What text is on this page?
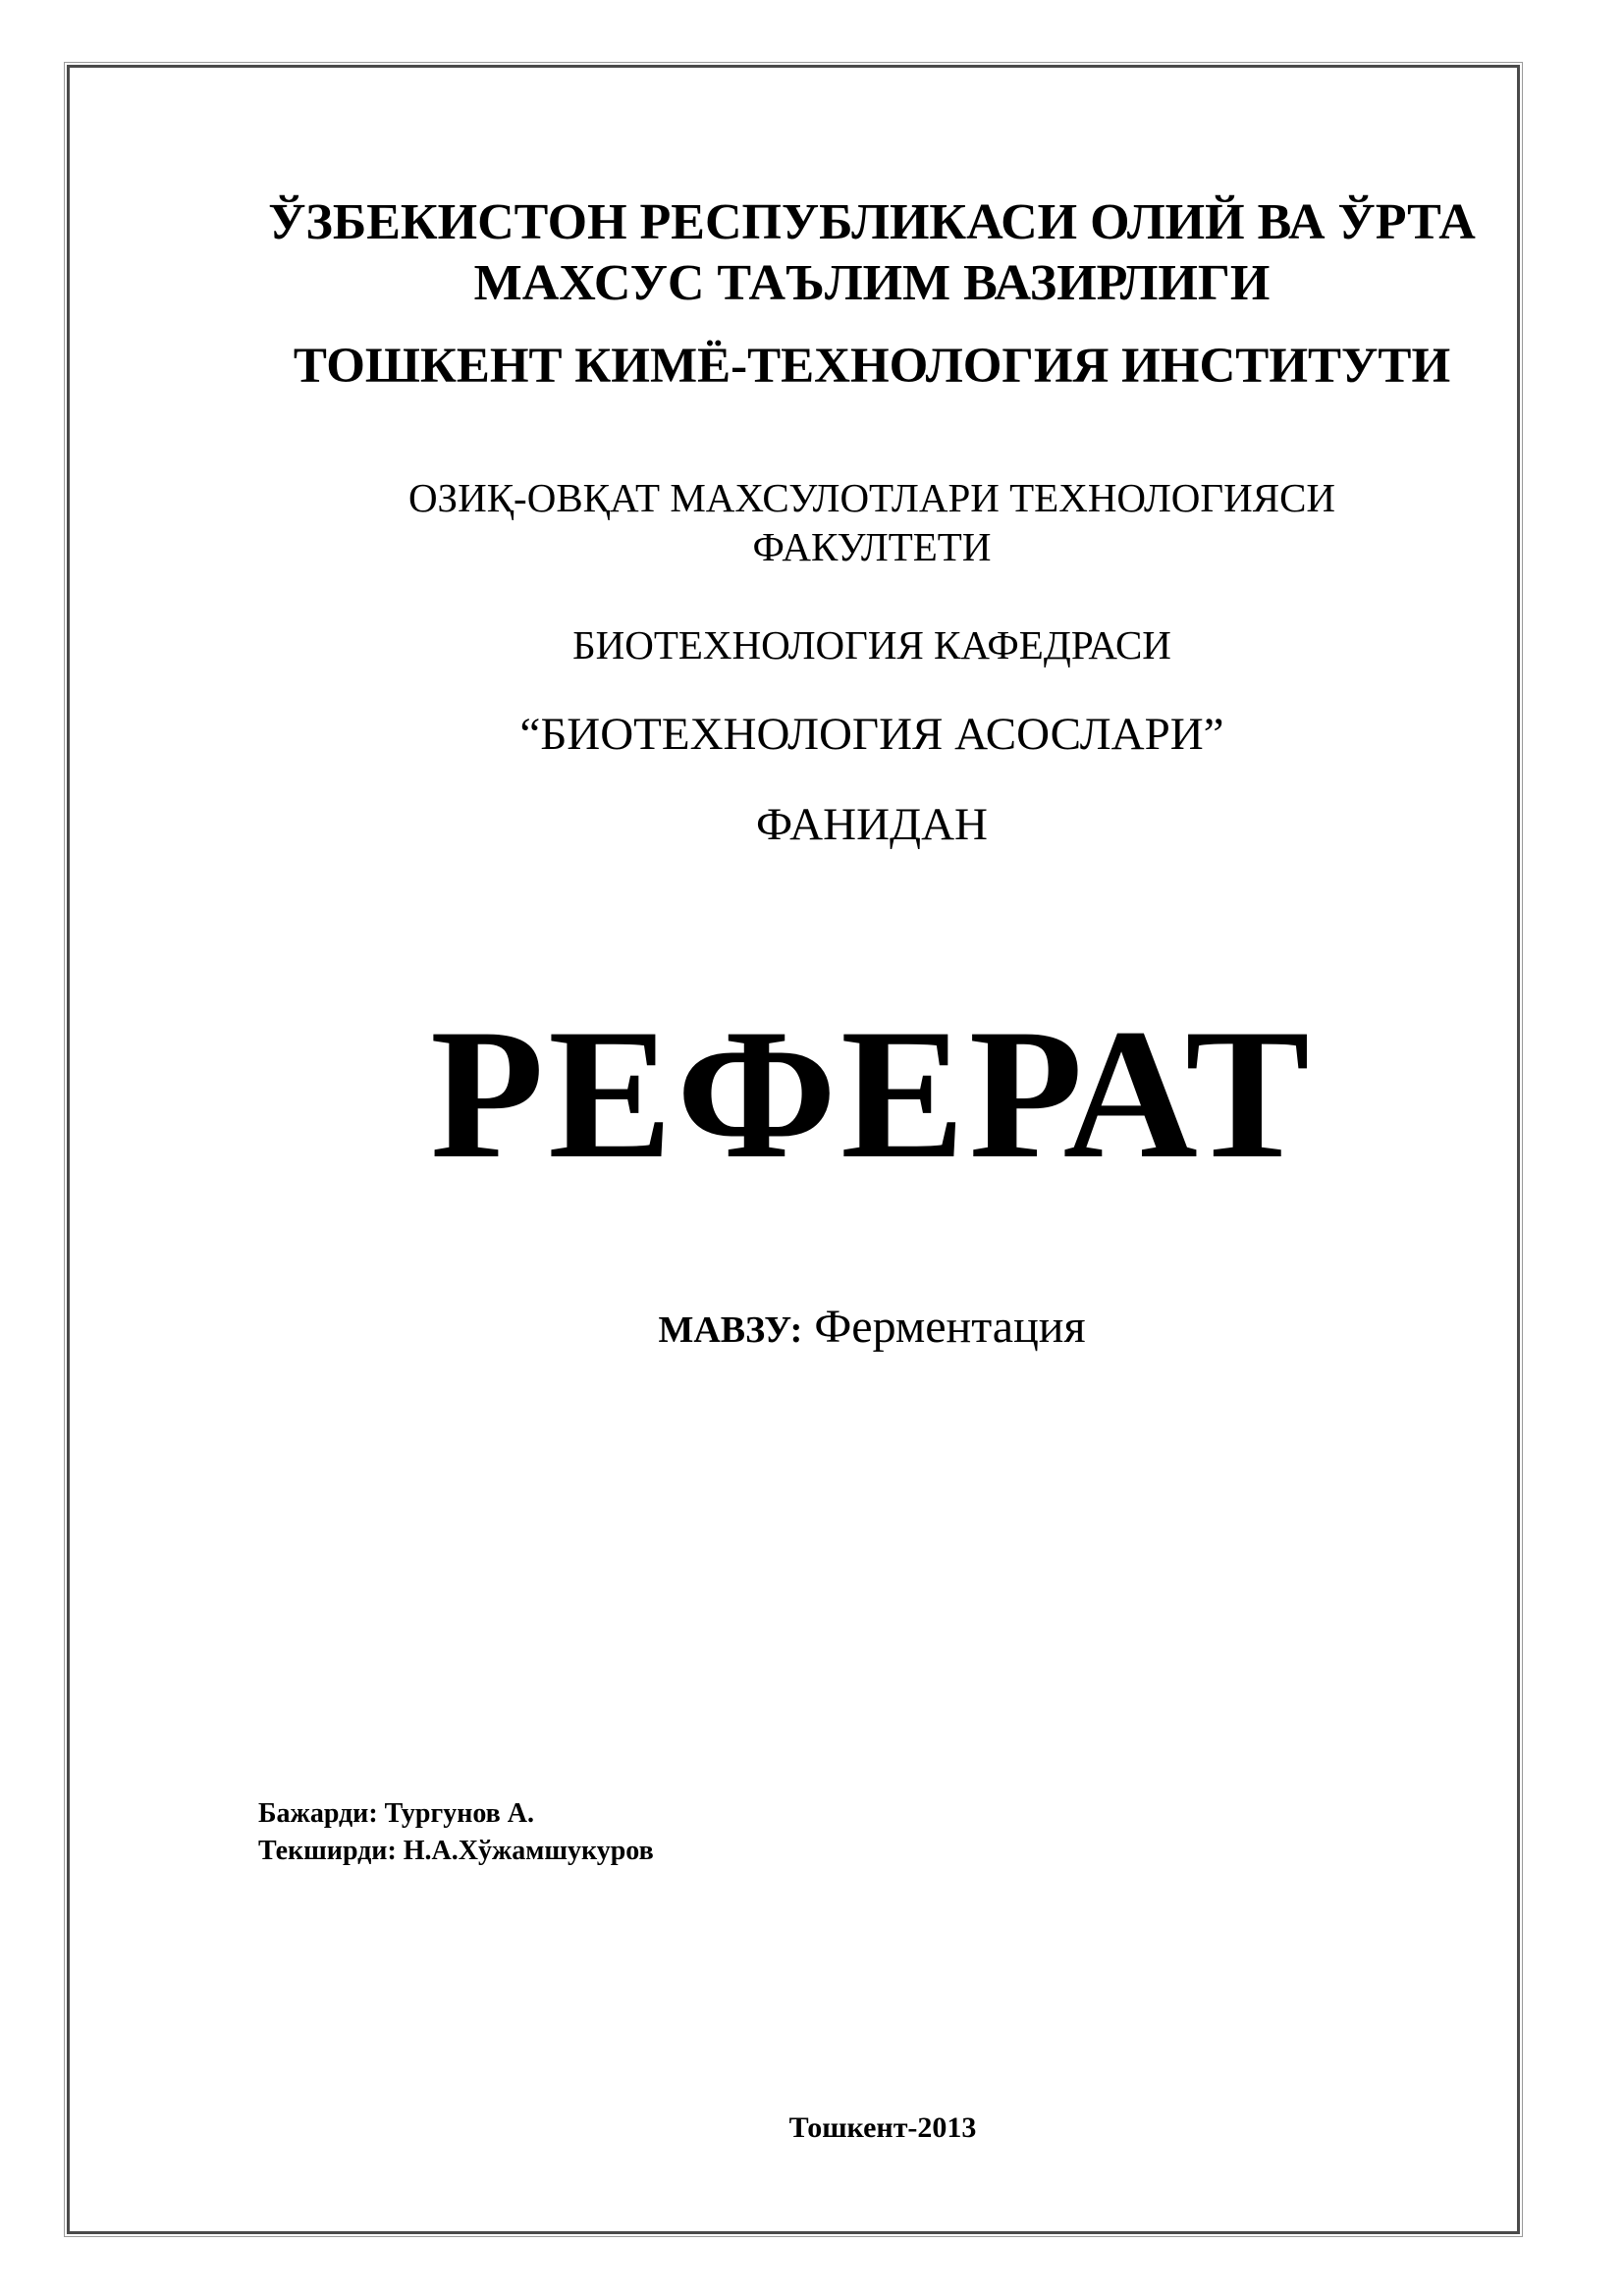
ЎЗБЕКИСТОН РЕСПУБЛИКАСИ ОЛИЙ ВА ЎРТА
МАХСУС ТАЪЛИМ ВАЗИРЛИГИ
ТОШКЕНТ КИМЁ-ТЕХНОЛОГИЯ ИНСТИТУТИ
ОЗИҚ-ОВҚАТ МАХСУЛОТЛАРИ ТЕХНОЛОГИЯСИ
ФАКУЛТЕТИ
БИОТЕХНОЛОГИЯ КАФЕДРАСИ
“БИОТЕХНОЛОГИЯ АСОСЛАРИ”
ФАНИДАН
РЕФЕРАТ
МАВЗУ: Ферментация
Бажарди: Тургунов А.
Текширди: Н.А.Хўжамшукуров
Тошкент-2013
